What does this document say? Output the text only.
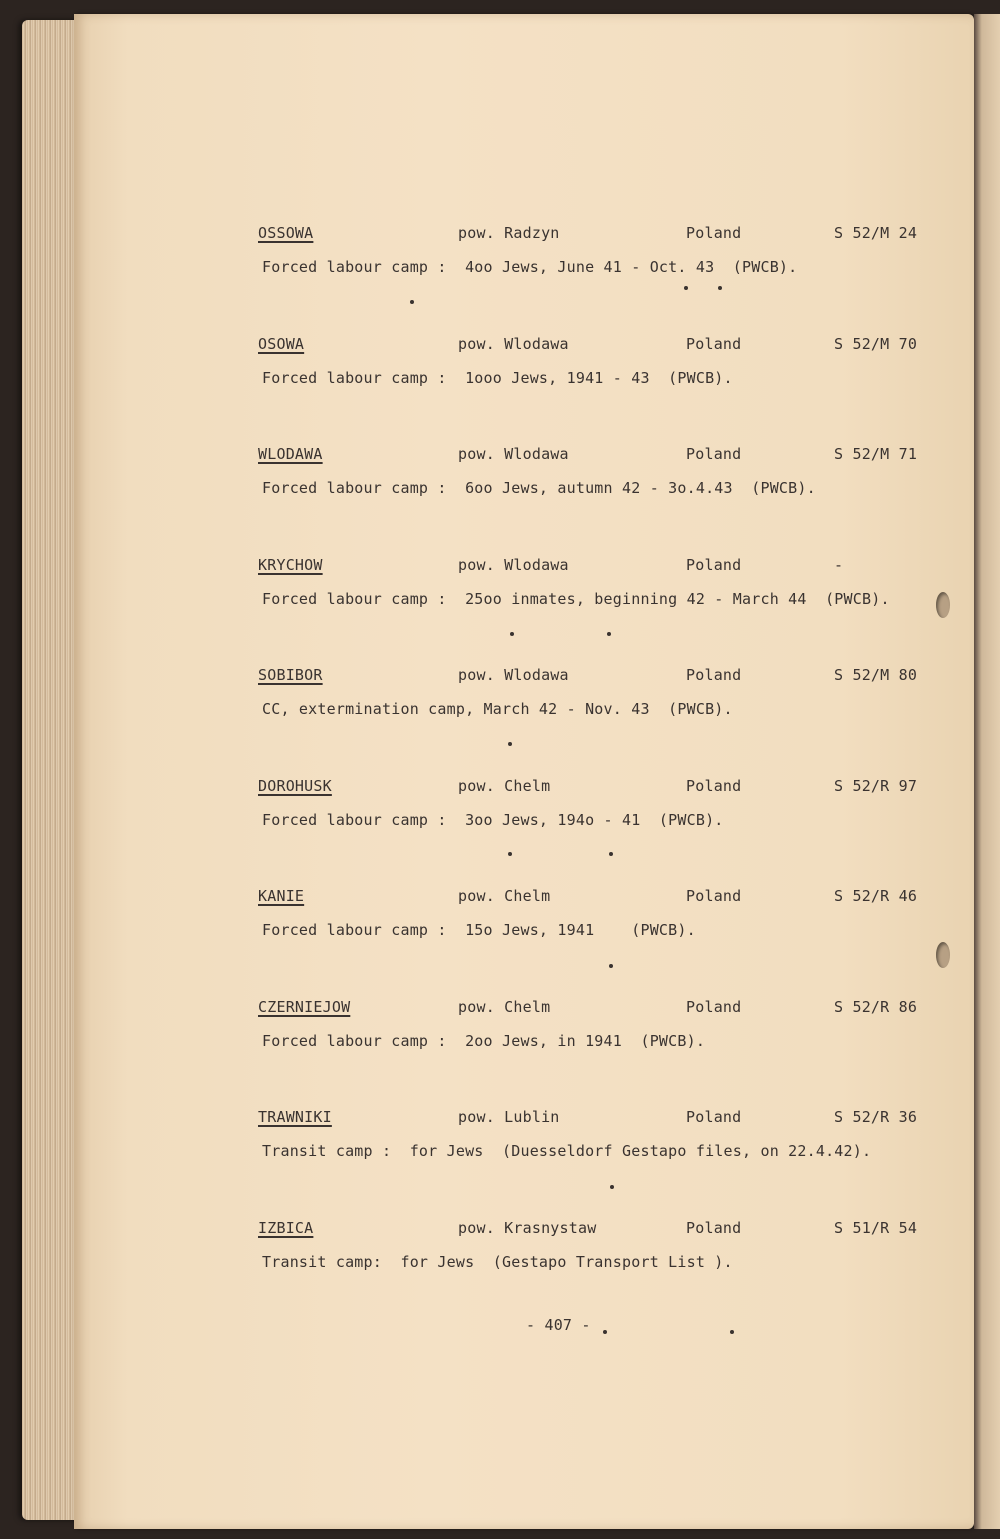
OSSOWA	pow. Radzyn	Poland	S 52/M 24
Forced labour camp :  4oo Jews, June 41 - Oct. 43  (PWCB).
OSOWA	pow. Wlodawa	Poland	S 52/M 70
Forced labour camp :  1ooo Jews, 1941 - 43  (PWCB).
WLODAWA	pow. Wlodawa	Poland	S 52/M 71
Forced labour camp :  6oo Jews, autumn 42 - 3o.4.43  (PWCB).
KRYCHOW	pow. Wlodawa	Poland	-
Forced labour camp :  25oo inmates, beginning 42 - March 44  (PWCB).
SOBIBOR	pow. Wlodawa	Poland	S 52/M 80
CC, extermination camp, March 42 - Nov. 43  (PWCB).
DOROHUSK	pow. Chelm	Poland	S 52/R 97
Forced labour camp :  3oo Jews, 194o - 41  (PWCB).
KANIE	pow. Chelm	Poland	S 52/R 46
Forced labour camp :  15o Jews, 1941    (PWCB).
CZERNIEJOW	pow. Chelm	Poland	S 52/R 86
Forced labour camp :  2oo Jews, in 1941  (PWCB).
TRAWNIKI	pow. Lublin	Poland	S 52/R 36
Transit camp :  for Jews  (Duesseldorf Gestapo files, on 22.4.42).
IZBICA	pow. Krasnystaw	Poland	S 51/R 54
Transit camp:  for Jews  (Gestapo Transport List ).
- 407 -
